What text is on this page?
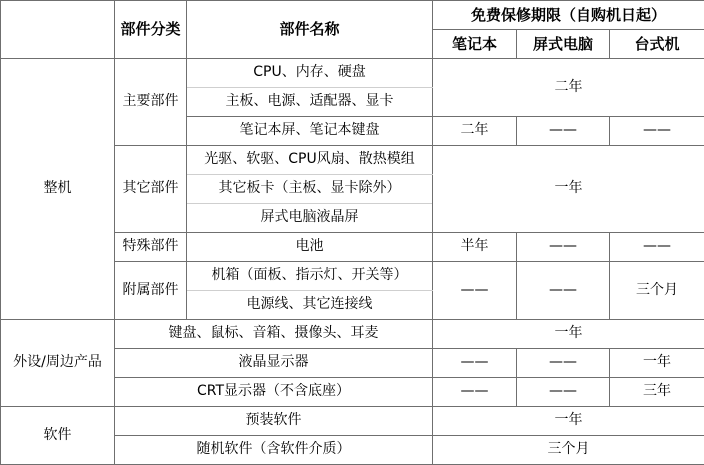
	部件分类	部件名称	免费保修期限（自购机日起）		
			笔记本	屏式电脑	台式机
整机	主要部件	CPU、内存、硬盘	二年		
		主板、电源、适配器、显卡			
		笔记本屏、笔记本键盘	二年	——	——
	其它部件	光驱、软驱、CPU风扇、散热模组	一年		
		其它板卡（主板、显卡除外）			
		屏式电脑液晶屏			
	特殊部件	电池	半年	——	——
	附属部件	机箱（面板、指示灯、开关等）	——	——	三个月
		电源线、其它连接线			
外设/周边产品	键盘、鼠标、音箱、摄像头、耳麦		一年		
	液晶显示器		——	——	一年
	CRT显示器（不含底座）		——	——	三年
软件	预装软件		一年		
	随机软件（含软件介质）		三个月		
